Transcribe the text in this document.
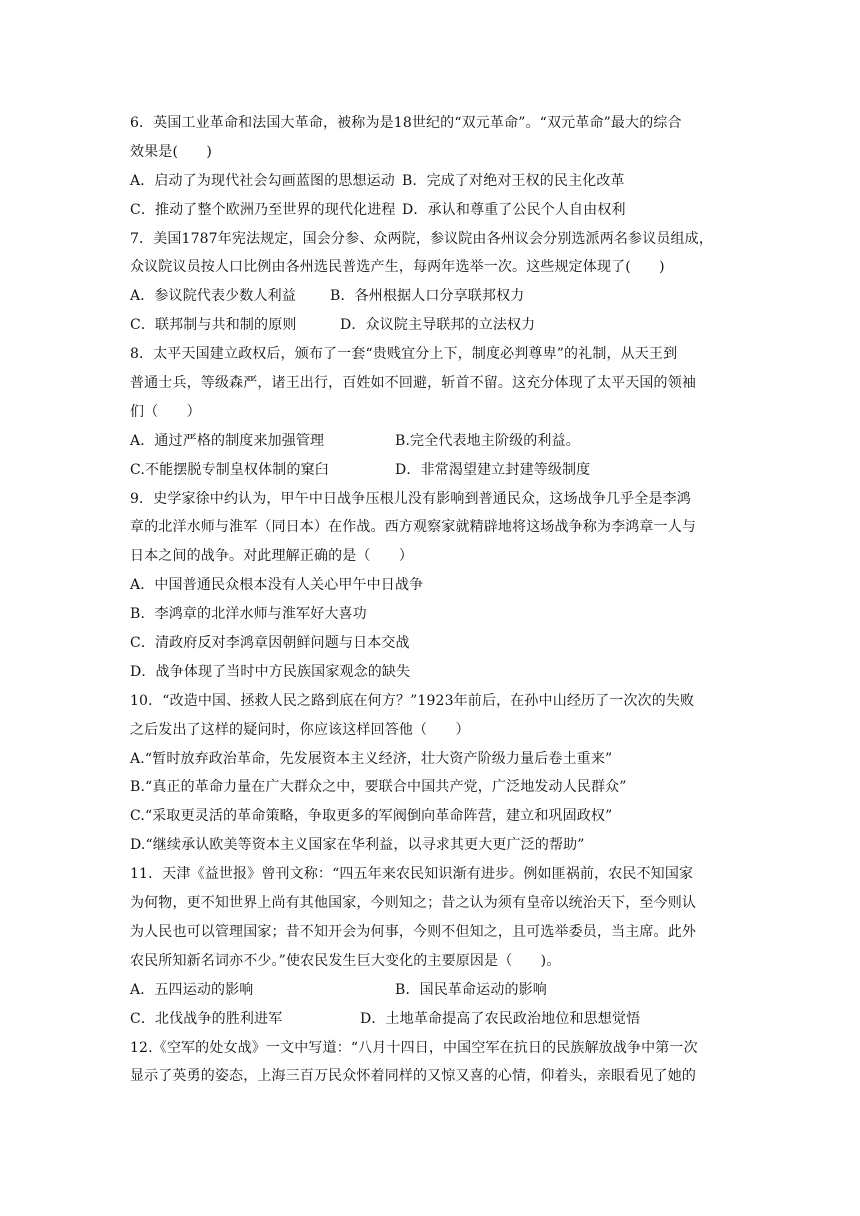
6．英国工业革命和法国大革命，被称为是18世纪的“双元革命”。“双元革命”最大的综合
效果是(　　)
A．启动了为现代社会勾画蓝图的思想运动 B．完成了对绝对王权的民主化改革
C．推动了整个欧洲乃至世界的现代化进程 D．承认和尊重了公民个人自由权利
7．美国1787年宪法规定，国会分参、众两院，参议院由各州议会分别选派两名参议员组成，
众议院议员按人口比例由各州选民普选产生，每两年选举一次。这些规定体现了(　　)
A．参议院代表少数人利益	B．各州根据人口分享联邦权力
C．联邦制与共和制的原则	D．众议院主导联邦的立法权力
8．太平天国建立政权后，颁布了一套“贵贱宜分上下，制度必判尊卑”的礼制，从天王到
普通士兵，等级森严，诸王出行，百姓如不回避，斩首不留。这充分体现了太平天国的领袖
们（　　）
A．通过严格的制度来加强管理	B.完全代表地主阶级的利益。
C.不能摆脱专制皇权体制的窠臼	D．非常渴望建立封建等级制度
9．史学家徐中约认为，甲午中日战争压根儿没有影响到普通民众，这场战争几乎全是李鸿
章的北洋水师与淮军（同日本）在作战。西方观察家就精辟地将这场战争称为李鸿章一人与
日本之间的战争。对此理解正确的是（　　）
A．中国普通民众根本没有人关心甲午中日战争
B．李鸿章的北洋水师与淮军好大喜功
C．清政府反对李鸿章因朝鲜问题与日本交战
D．战争体现了当时中方民族国家观念的缺失
10．“改造中国、拯救人民之路到底在何方？”1923年前后，在孙中山经历了一次次的失败
之后发出了这样的疑问时，你应该这样回答他（　　）
A.“暂时放弃政治革命，先发展资本主义经济，壮大资产阶级力量后卷土重来”
B.“真正的革命力量在广大群众之中，要联合中国共产党，广泛地发动人民群众”
C.“采取更灵活的革命策略，争取更多的军阀倒向革命阵营，建立和巩固政权”
D.“继续承认欧美等资本主义国家在华利益，以寻求其更大更广泛的帮助”
11．天津《益世报》曾刊文称：“四五年来农民知识渐有进步。例如匪祸前，农民不知国家
为何物，更不知世界上尚有其他国家，今则知之；昔之认为须有皇帝以统治天下，至今则认
为人民也可以管理国家；昔不知开会为何事，今则不但知之，且可选举委员，当主席。此外
农民所知新名词亦不少。”使农民发生巨大变化的主要原因是（　　)。
A．五四运动的影响	B．国民革命运动的影响
C．北伐战争的胜利进军	D．土地革命提高了农民政治地位和思想觉悟
12.《空军的处女战》一文中写道：“八月十四日，中国空军在抗日的民族解放战争中第一次
显示了英勇的姿态，上海三百万民众怀着同样的又惊又喜的心情，仰着头，亲眼看见了她的
